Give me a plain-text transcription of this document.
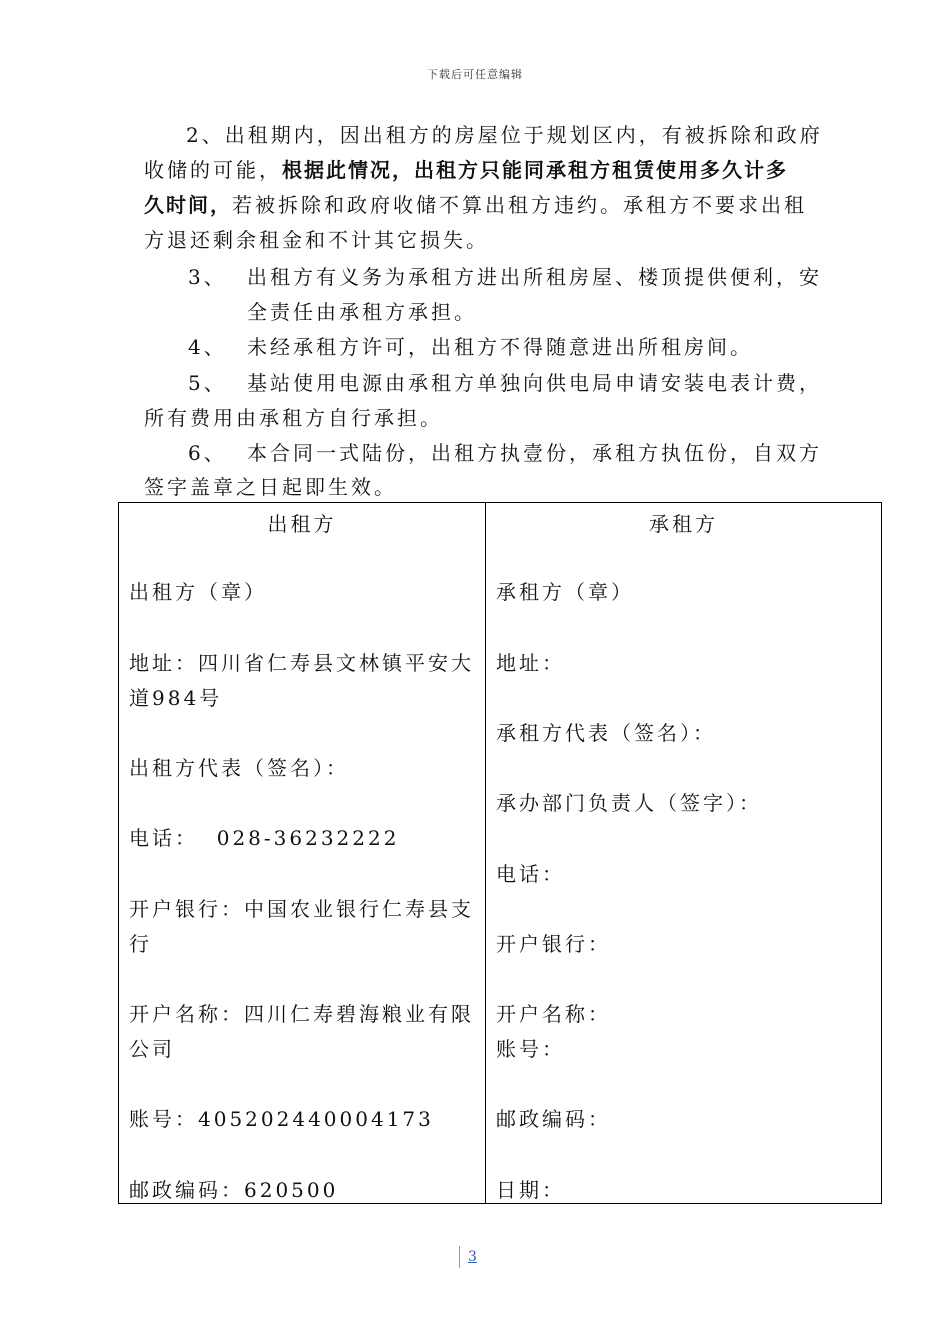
下载后可任意编辑
2、出租期内，因出租方的房屋位于规划区内，有被拆除和政府
收储的可能，根据此情况，出租方只能同承租方租赁使用多久计多
久时间，若被拆除和政府收储不算出租方违约。承租方不要求出租
方退还剩余租金和不计其它损失。
3、 出租方有义务为承租方进出所租房屋、楼顶提供便利，安
全责任由承租方承担。
4、 未经承租方许可，出租方不得随意进出所租房间。
5、 基站使用电源由承租方单独向供电局申请安装电表计费，
所有费用由承租方自行承担。
6、 本合同一式陆份，出租方执壹份，承租方执伍份，自双方
签字盖章之日起即生效。
出租方
出租方（章）
地址：四川省仁寿县文林镇平安大
道984号
出租方代表（签名）：
电话：  028-36232222
开户银行：中国农业银行仁寿县支
行
开户名称：四川仁寿碧海粮业有限
公司
账号：405202440004173
邮政编码：620500

承租方
承租方（章）
地址：
承租方代表（签名）：
承办部门负责人（签字）：
电话：
开户银行：
开户名称：
账号：
邮政编码：
日期：
3
